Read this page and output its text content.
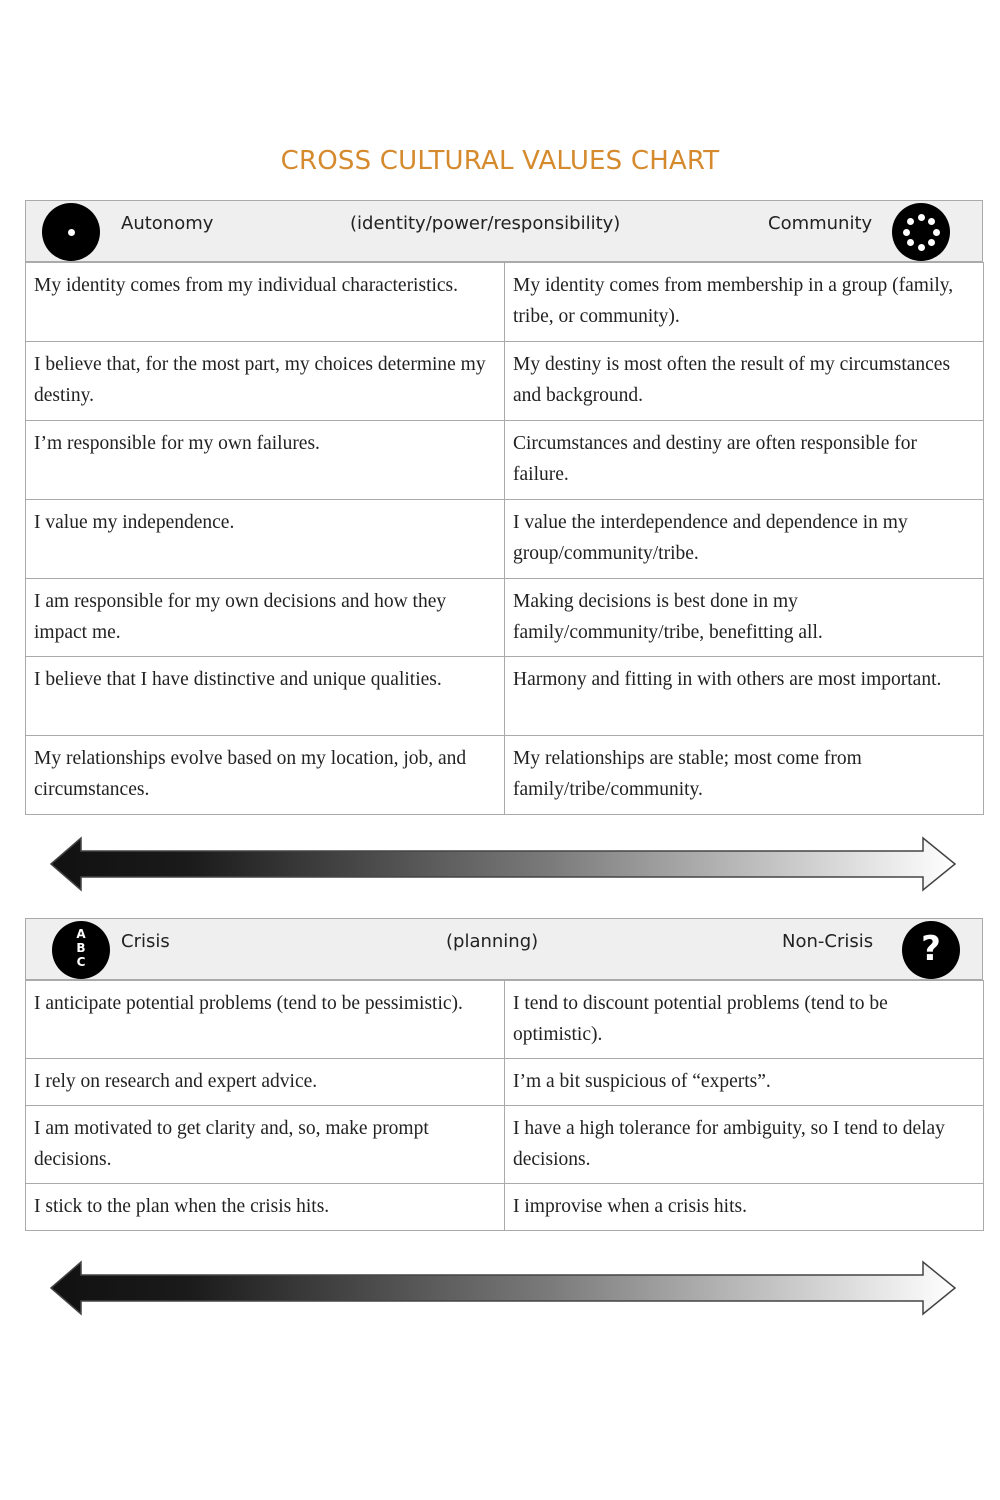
CROSS CULTURAL VALUES CHART
Autonomy	(identity/power/responsibility)	Community
My identity comes from my individual characteristics.	My identity comes from membership in a group (family, tribe, or community).
I believe that, for the most part, my choices determine my destiny.	My destiny is most often the result of my circumstances and background.
I’m responsible for my own failures.	Circumstances and destiny are often responsible for failure.
I value my independence.	I value the interdependence and dependence in my group/community/tribe.
I am responsible for my own decisions and how they impact me.	Making decisions is best done in my family/community/tribe, benefitting all.
I believe that I have distinctive and unique qualities.	Harmony and fitting in with others are most important.
My relationships evolve based on my location, job, and circumstances.	My relationships are stable; most come from family/tribe/community.
A
B
C
Crisis	(planning)	Non-Crisis	?
I anticipate potential problems (tend to be pessimistic).	I tend to discount potential problems (tend to be optimistic).
I rely on research and expert advice.	I’m a bit suspicious of “experts”.
I am motivated to get clarity and, so, make prompt decisions.	I have a high tolerance for ambiguity, so I tend to delay decisions.
I stick to the plan when the crisis hits.	I improvise when a crisis hits.
